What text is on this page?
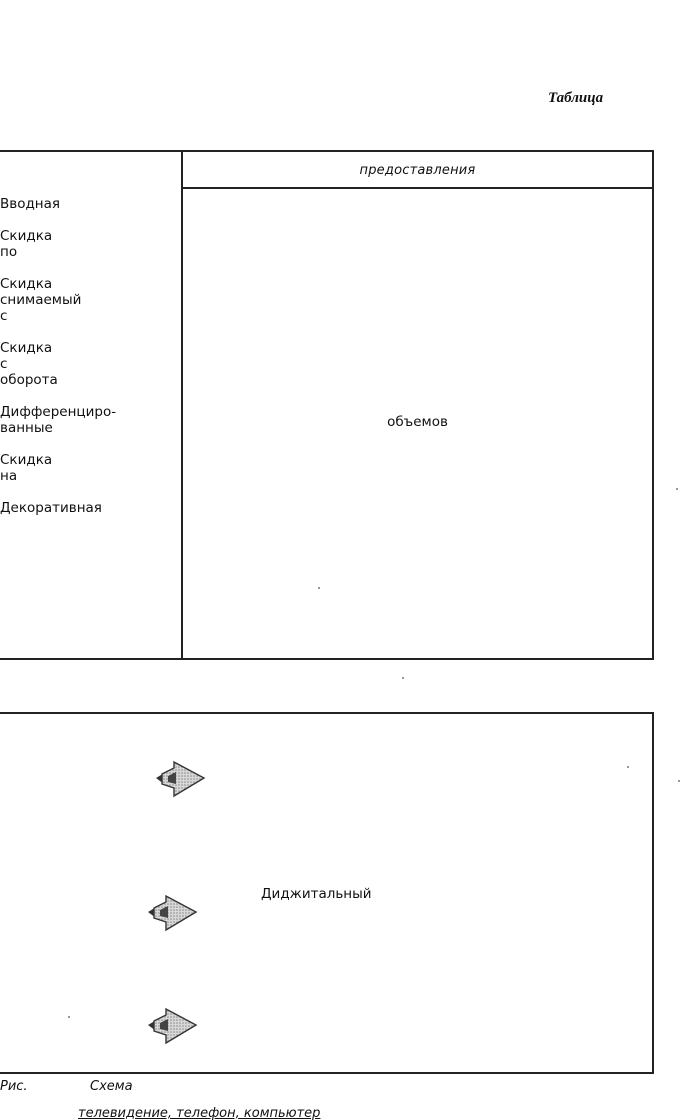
Таблица
предоставления
Вводная
Скидка
по
Скидка
снимаемый
с
Скидка
с
оборота
Дифференциро-
ванные
Скидка
на
Декоративная
объемов
Диджитальный
Рис.	Схема
телевидение, телефон, компьютер
